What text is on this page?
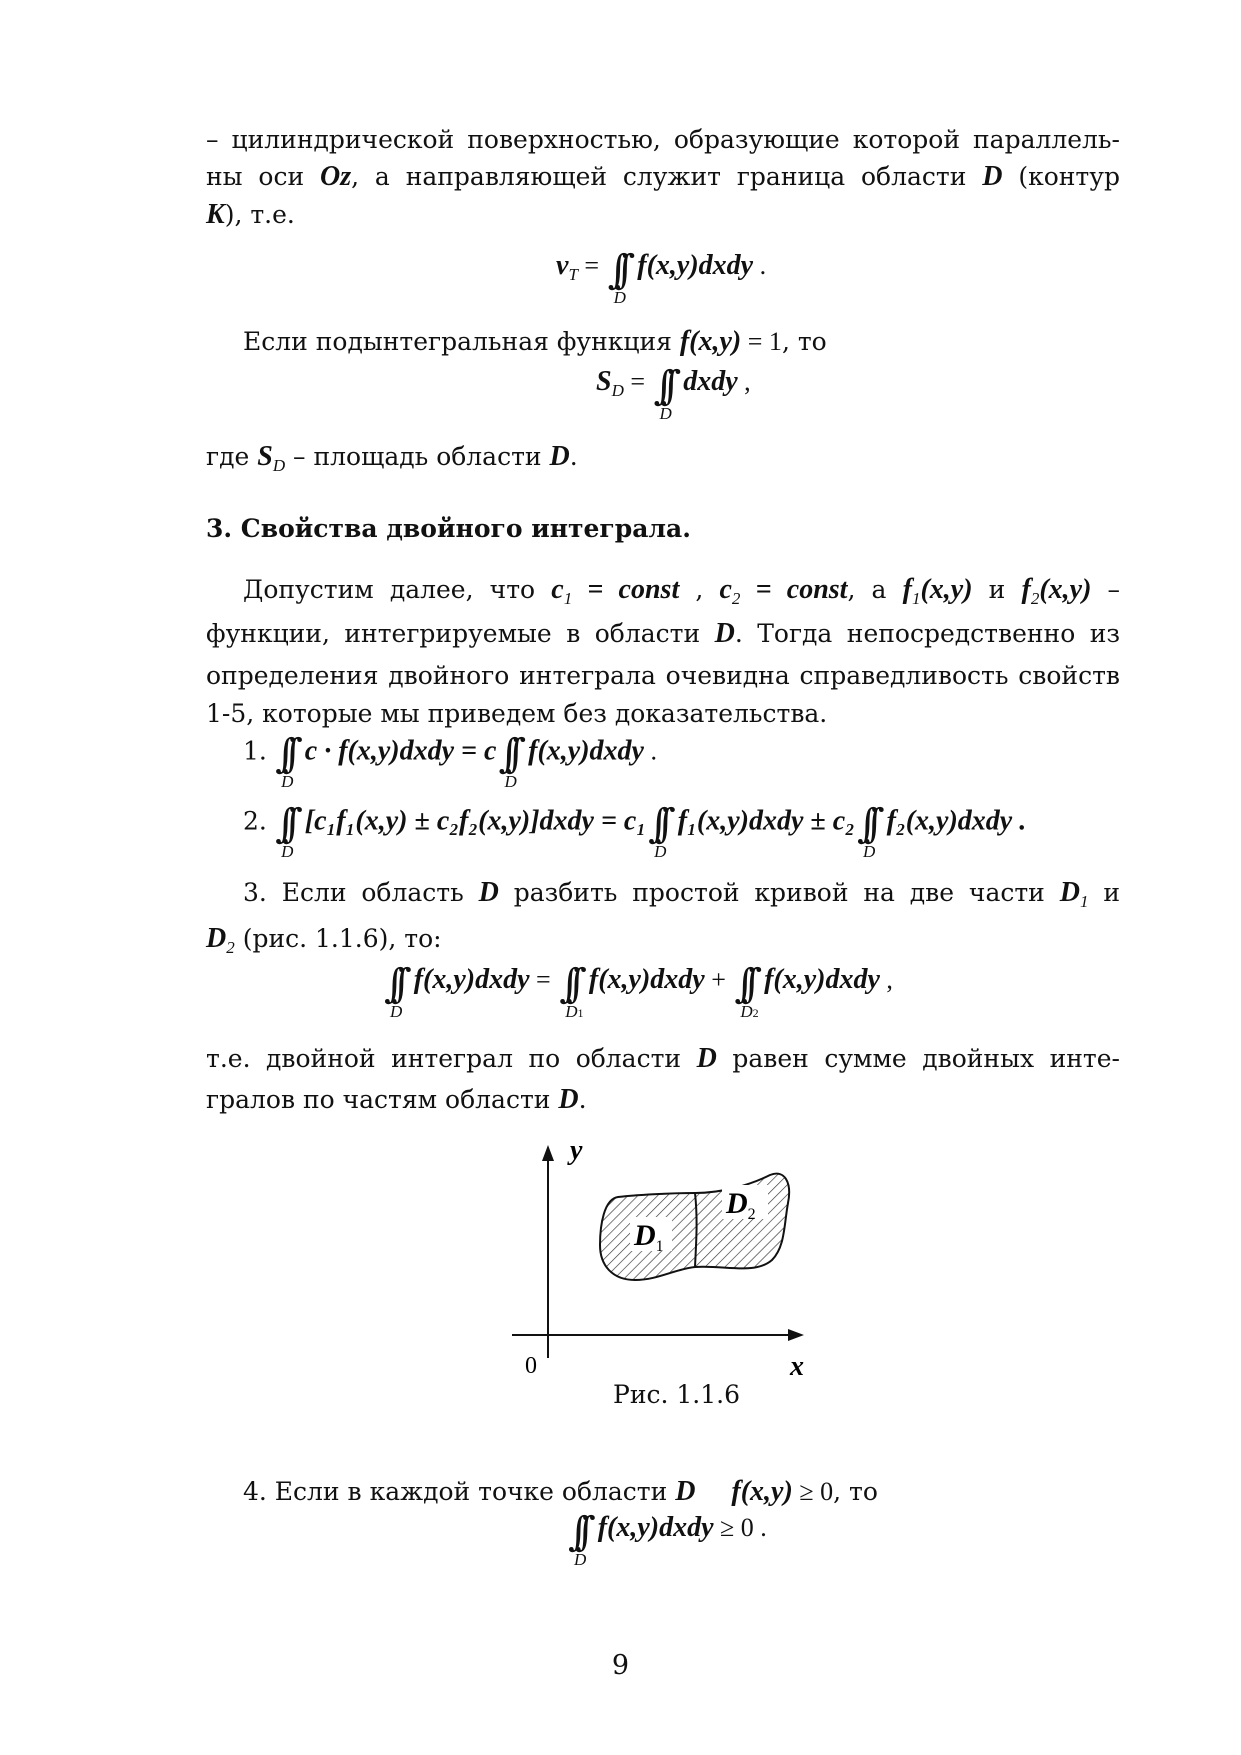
– цилиндрической поверхностью, образующие которой параллель-
ны оси Oz, а направляющей служит граница области D (контур
K), т.е.
vT = ∫∫
D
f(x,y)dxdy .
Если подынтегральная функция f(x,y) = 1, то
SD = ∫∫
D
dxdy ,
где $S_D$ – площадь области D.
3. Свойства двойного интеграла.
Допустим далее, что $c_1$ = const , $c_2$ = const, а $f_1(x,y)$ и $f_2(x,y)$ –
функции, интегрируемые в области D. Тогда непосредственно из
определения двойного интеграла очевидна справедливость свойств
1-5, которые мы приведем без доказательства.
1. ∫∫
D
c · f(x,y)dxdy = c∫∫
D
f(x,y)dxdy .
2. ∫∫
D
[c₁f₁(x,y) ± c₂f₂(x,y)]dxdy = c₁∫∫
D
f₁(x,y)dxdy ± c₂∫∫
D
f₂(x,y)dxdy .
3. Если область D разбить простой кривой на две части $D_1$ и
$D_2$ (рис. 1.1.6), то:
∫∫
D
f(x,y)dxdy = ∫∫
D1
f(x,y)dxdy + ∫∫
D2
f(x,y)dxdy ,
т.е. двойной интеграл по области D равен сумме двойных инте-
гралов по частям области D.
$D_1$
$D_2$
y
x
0
Рис. 1.1.6
4. Если в каждой точке области D f(x,y) ≥ 0, то
∫∫
D
f(x,y)dxdy ≥ 0 .
9
